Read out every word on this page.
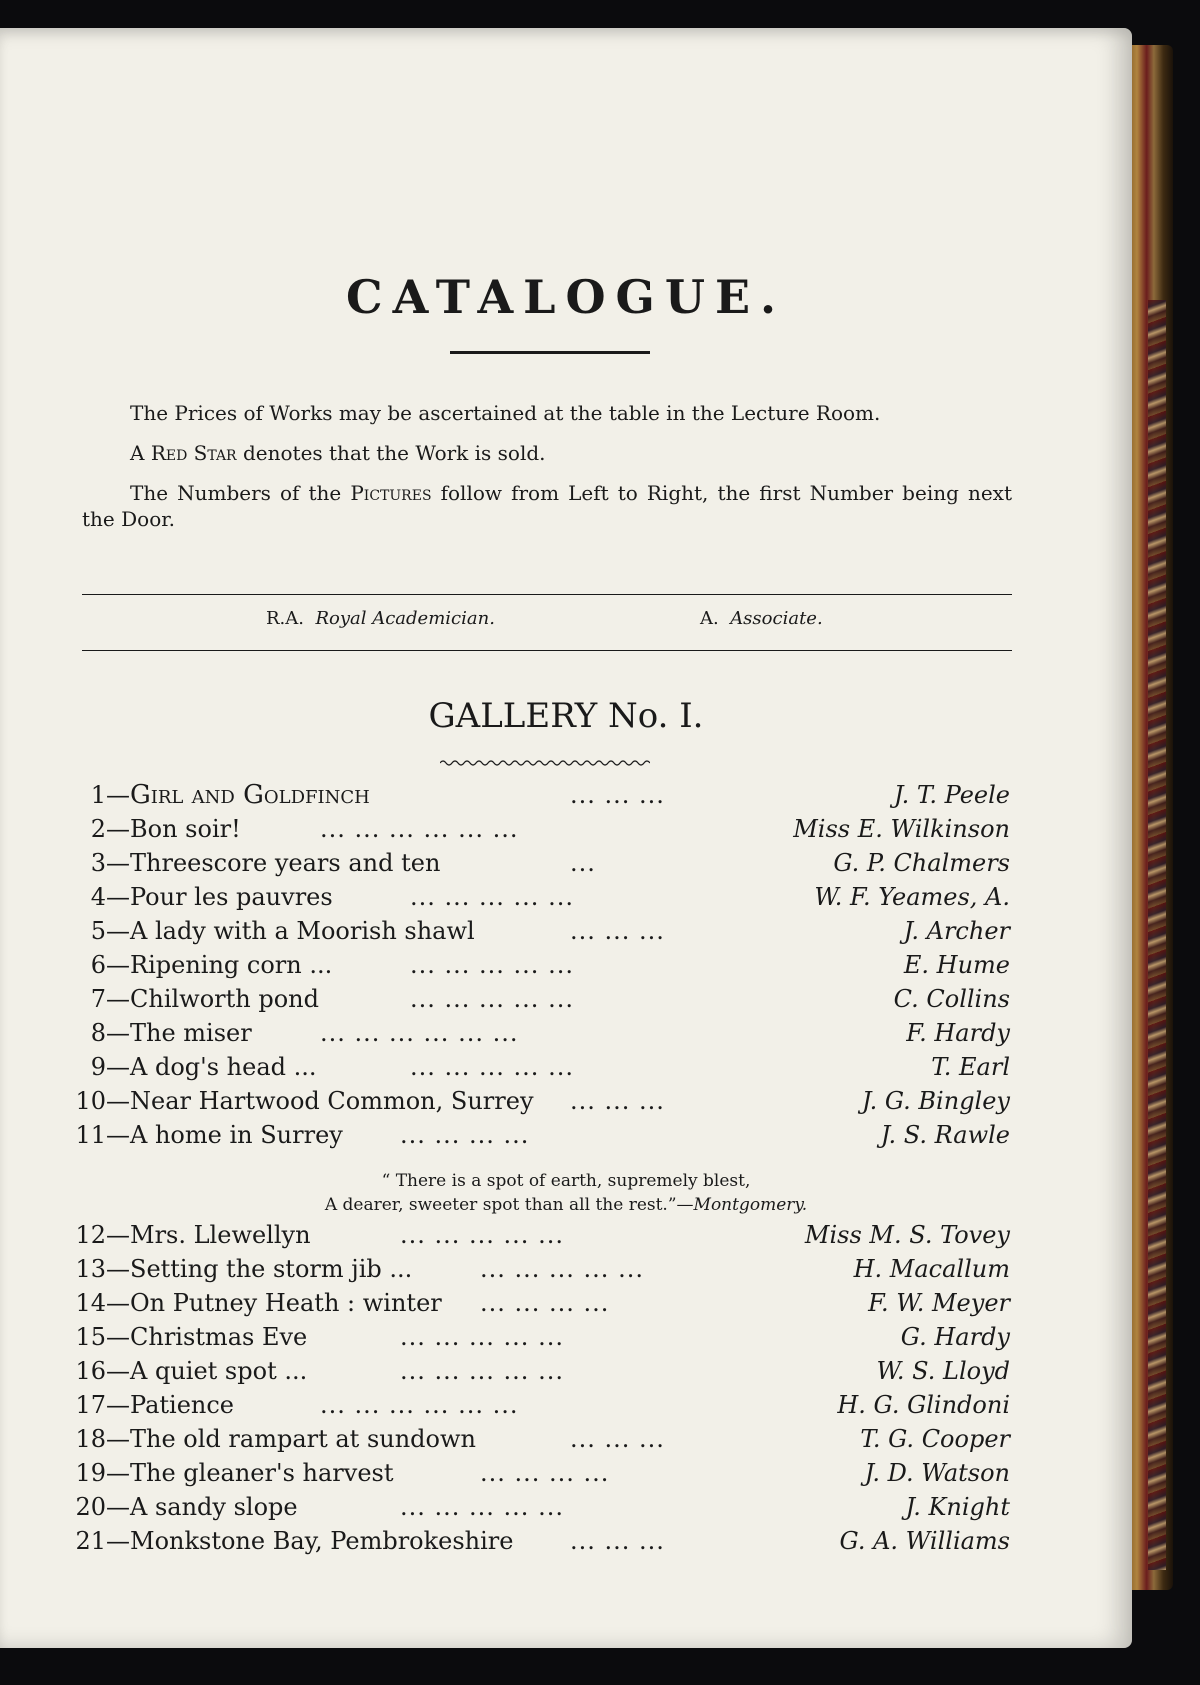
CATALOGUE.
The Prices of Works may be ascertained at the table in the Lecture Room.
A Red Star denotes that the Work is sold.
The Numbers of the Pictures follow from Left to Right, the first Number being next the Door.
R.A. Royal Academician.	A. Associate.
GALLERY No. I.
1— Girl and Goldfinch	... ... ...	J. T. Peele
2— Bon soir!	... ... ... ... ... ...	Miss E. Wilkinson
3— Threescore years and ten	...	G. P. Chalmers
4— Pour les pauvres	... ... ... ... ...	W. F. Yeames, A.
5— A lady with a Moorish shawl	... ... ...	J. Archer
6— Ripening corn ...	... ... ... ... ...	E. Hume
7— Chilworth pond	... ... ... ... ...	C. Collins
8— The miser	... ... ... ... ... ...	F. Hardy
9— A dog's head ...	... ... ... ... ...	T. Earl
10— Near Hartwood Common, Surrey ... ... ...	J. G. Bingley
11— A home in Surrey ... ... ... ...	J. S. Rawle
“ There is a spot of earth, supremely blest,
A dearer, sweeter spot than all the rest.”—Montgomery.
12— Mrs. Llewellyn	... ... ... ... ...	Miss M. S. Tovey
13— Setting the storm jib ...	... ... ... ... ...	H. Macallum
14— On Putney Heath : winter ... ... ... ...	F. W. Meyer
15— Christmas Eve	... ... ... ... ...	G. Hardy
16— A quiet spot ...	... ... ... ... ...	W. S. Lloyd
17— Patience	... ... ... ... ... ...	H. G. Glindoni
18— The old rampart at sundown	... ... ...	T. G. Cooper
19— The gleaner's harvest	... ... ... ...	J. D. Watson
20— A sandy slope	... ... ... ... ...	J. Knight
21— Monkstone Bay, Pembrokeshire ... ... ...	G. A. Williams
